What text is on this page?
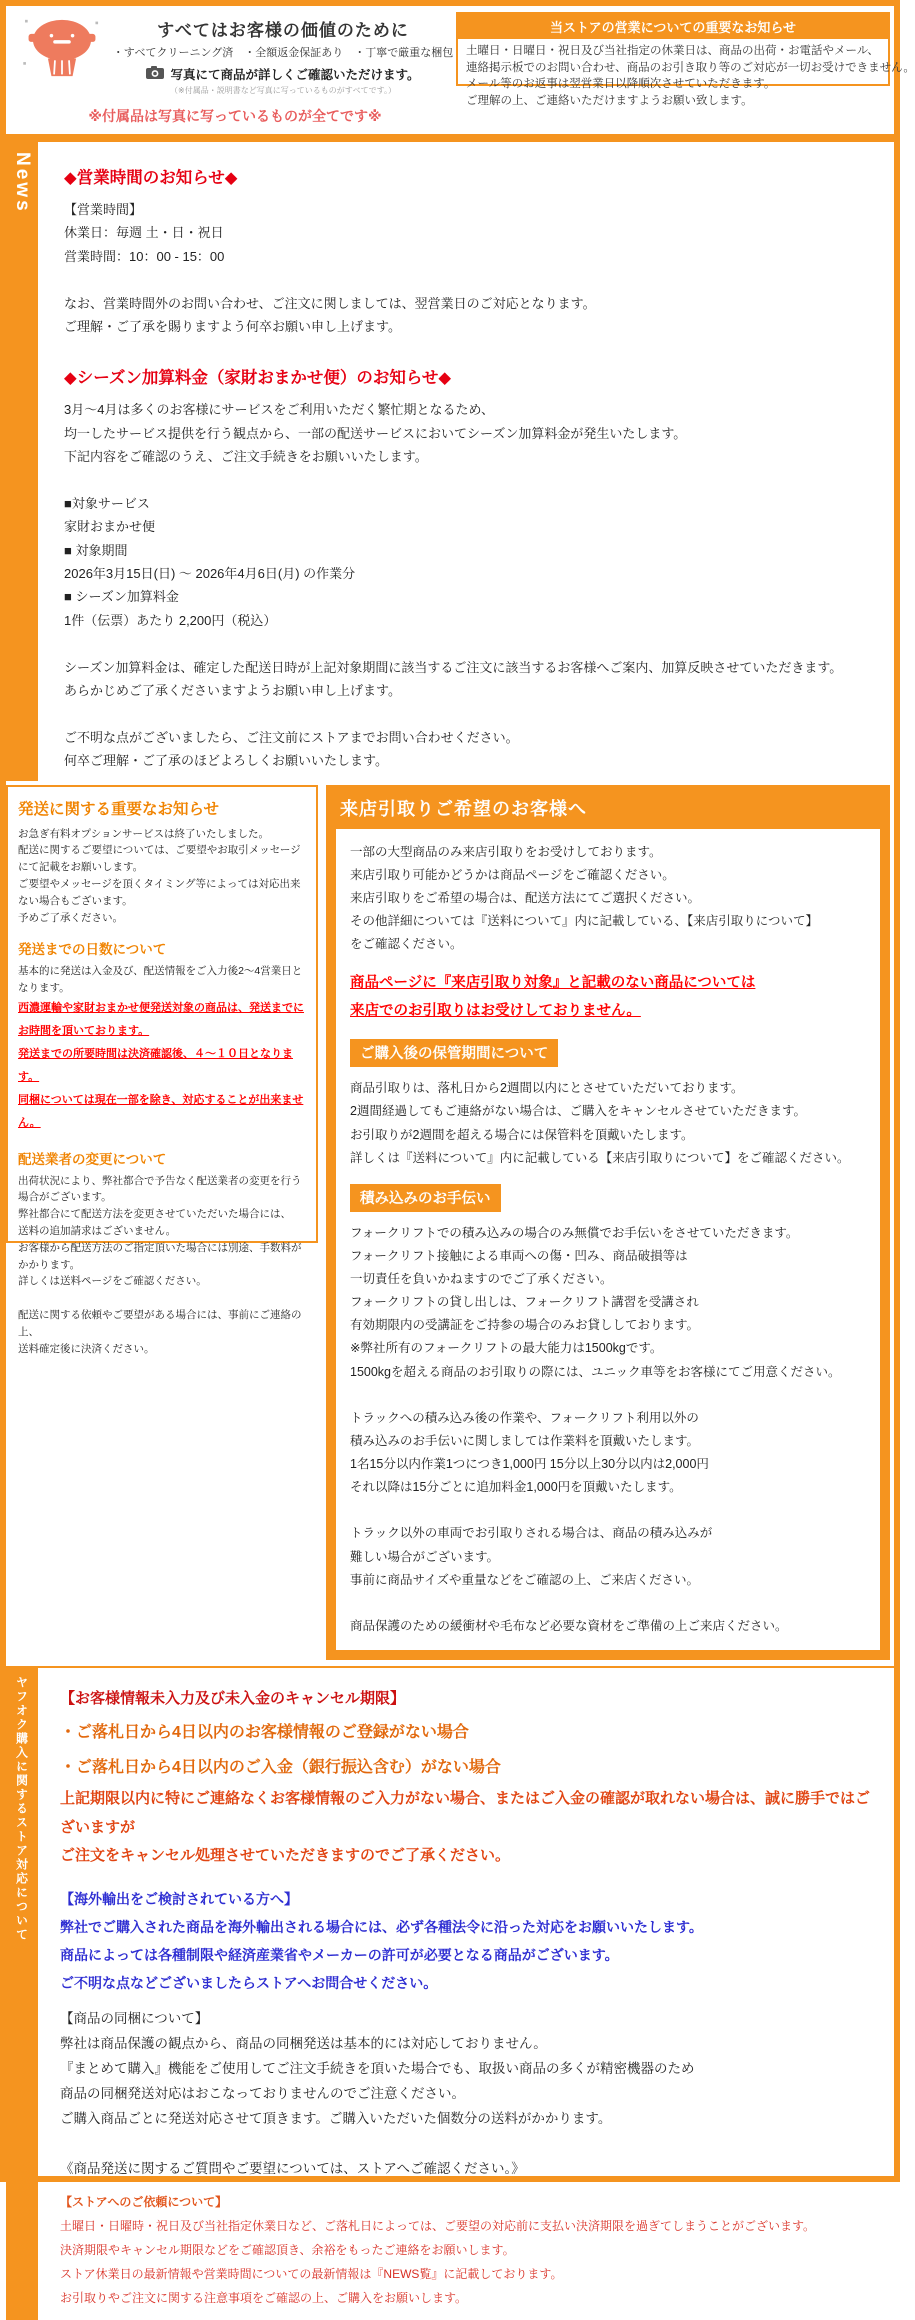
すべてはお客様の価値のために
・すべてクリーニング済　・全額返金保証あり　・丁寧で厳重な梱包
写真にて商品が詳しくご確認いただけます。
（※付属品・説明書など写真に写っているものがすべてです。）
※付属品は写真に写っているものが全てです※
当ストアの営業についての重要なお知らせ
土曜日・日曜日・祝日及び当社指定の休業日は、商品の出荷・お電話やメール、
連絡掲示板でのお問い合わせ、商品のお引き取り等のご対応が一切お受けできません。
メール等のお返事は翌営業日以降順次させていただきます。
ご理解の上、ご連絡いただけますようお願い致します。
News ◆営業時間のお知らせ◆
【営業時間】
休業日：毎週 土・日・祝日
営業時間：10：00 - 15：00
なお、営業時間外のお問い合わせ、ご注文に関しましては、翌営業日のご対応となります。
ご理解・ご了承を賜りますよう何卒お願い申し上げます。
◆シーズン加算料金（家財おまかせ便）のお知らせ◆
3月～4月は多くのお客様にサービスをご利用いただく繁忙期となるため、
均一したサービス提供を行う観点から、一部の配送サービスにおいてシーズン加算料金が発生いたします。
下記内容をご確認のうえ、ご注文手続きをお願いいたします。
■対象サービス
家財おまかせ便
■ 対象期間
2026年3月15日(日) ～ 2026年4月6日(月) の作業分
■ シーズン加算料金
1件（伝票）あたり 2,200円（税込）
シーズン加算料金は、確定した配送日時が上記対象期間に該当するご注文に該当するお客様へご案内、加算反映させていただきます。
あらかじめご了承くださいますようお願い申し上げます。
ご不明な点がございましたら、ご注文前にストアまでお問い合わせください。
何卒ご理解・ご了承のほどよろしくお願いいたします。
発送に関する重要なお知らせ
お急ぎ有料オプションサービスは終了いたしました。
配送に関するご要望については、ご要望やお取引メッセージにて記載をお願いします。
ご要望やメッセージを頂くタイミング等によっては対応出来ない場合もございます。
予めご了承ください。
発送までの日数について
基本的に発送は入金及び、配送情報をご入力後2～4営業日となります。
西濃運輸や家財おまかせ便発送対象の商品は、発送までにお時間を頂いております。
発送までの所要時間は決済確認後、４～１０日となります。
同梱については現在一部を除き、対応することが出来ません。
配送業者の変更について
出荷状況により、弊社都合で予告なく配送業者の変更を行う場合がございます。
弊社都合にて配送方法を変更させていただいた場合には、
送料の追加請求はございません。
お客様から配送方法のご指定頂いた場合には別途、手数料がかかります。
詳しくは送料ページをご確認ください。
配送に関する依頼やご要望がある場合には、事前にご連絡の上、
送料確定後に決済ください。
来店引取りご希望のお客様へ
一部の大型商品のみ来店引取りをお受けしております。
来店引取り可能かどうかは商品ページをご確認ください。
来店引取りをご希望の場合は、配送方法にてご選択ください。
その他詳細については『送料について』内に記載している、【来店引取りについて】
をご確認ください。
商品ページに『来店引取り対象』と記載のない商品については
来店でのお引取りはお受けしておりません。
ご購入後の保管期間について
商品引取りは、落札日から2週間以内にとさせていただいております。
2週間経過してもご連絡がない場合は、ご購入をキャンセルさせていただきます。
お引取りが2週間を超える場合には保管料を頂戴いたします。
詳しくは『送料について』内に記載している【来店引取りについて】をご確認ください。
積み込みのお手伝い
フォークリフトでの積み込みの場合のみ無償でお手伝いをさせていただきます。
フォークリフト接触による車両への傷・凹み、商品破損等は
一切責任を負いかねますのでご了承ください。
フォークリフトの貸し出しは、フォークリフト講習を受講され
有効期限内の受講証をご持参の場合のみお貸ししております。
※弊社所有のフォークリフトの最大能力は1500kgです。
1500kgを超える商品のお引取りの際には、ユニック車等をお客様にてご用意ください。
トラックへの積み込み後の作業や、フォークリフト利用以外の
積み込みのお手伝いに関しましては作業料を頂戴いたします。
1名15分以内作業1つにつき1,000円 15分以上30分以内は2,000円
それ以降は15分ごとに追加料金1,000円を頂戴いたします。
トラック以外の車両でお引取りされる場合は、商品の積み込みが
難しい場合がございます。
事前に商品サイズや重量などをご確認の上、ご来店ください。
商品保護のための緩衝材や毛布など必要な資材をご準備の上ご来店ください。
ヤフオク購入に関するストア対応について 【お客様情報未入力及び未入金のキャンセル期限】
・ご落札日から4日以内のお客様情報のご登録がない場合
・ご落札日から4日以内のご入金（銀行振込含む）がない場合
上記期限以内に特にご連絡なくお客様情報のご入力がない場合、またはご入金の確認が取れない場合は、誠に勝手ではございますが
ご注文をキャンセル処理させていただきますのでご了承ください。
【海外輸出をご検討されている方へ】
弊社でご購入された商品を海外輸出される場合には、必ず各種法令に沿った対応をお願いいたします。
商品によっては各種制限や経済産業省やメーカーの許可が必要となる商品がございます。
ご不明な点などございましたらストアへお問合せください。
【商品の同梱について】
弊社は商品保護の観点から、商品の同梱発送は基本的には対応しておりません。
『まとめて購入』機能をご使用してご注文手続きを頂いた場合でも、取扱い商品の多くが精密機器のため
商品の同梱発送対応はおこなっておりませんのでご注意ください。
ご購入商品ごとに発送対応させて頂きます。ご購入いただいた個数分の送料がかかります。
《商品発送に関するご質問やご要望については、ストアへご確認ください。》
【ストアへのご依頼について】
土曜日・日曜時・祝日及び当社指定休業日など、ご落札日によっては、ご要望の対応前に支払い決済期限を過ぎてしまうことがございます。
決済期限やキャンセル期限などをご確認頂き、余裕をもったご連絡をお願いします。
ストア休業日の最新情報や営業時間についての最新情報は『NEWS覧』に記載しております。
お引取りやご注文に関する注意事項をご確認の上、ご購入をお願いします。
